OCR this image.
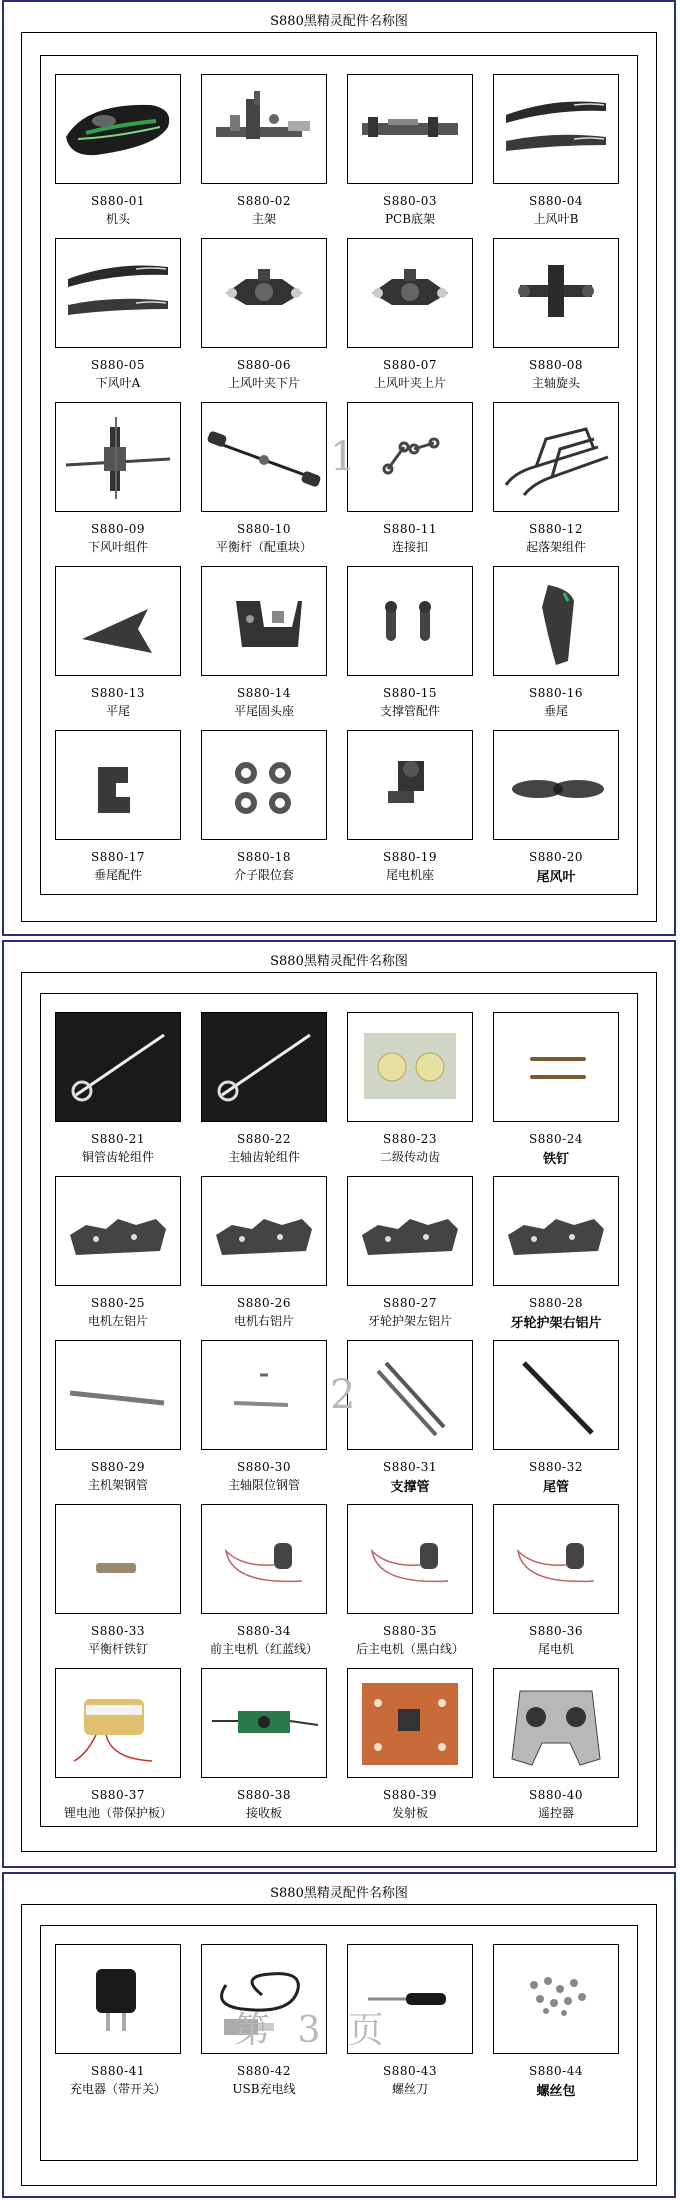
S880黑精灵配件名称图
S880-01
机头
S880-02
主架
S880-03
PCB底架
S880-04
上风叶B
S880-05
下风叶A
S880-06
上风叶夹下片
S880-07
上风叶夹上片
S880-08
主轴旋头
S880-09
下风叶组件
S880-10
平衡杆（配重块）
S880-11
连接扣
S880-12
起落架组件
S880-13
平尾
S880-14
平尾固头座
S880-15
支撑管配件
S880-16
垂尾
S880-17
垂尾配件
S880-18
介子限位套
S880-19
尾电机座
S880-20
尾风叶
1
S880黑精灵配件名称图
S880-21
铜管齿轮组件
S880-22
主轴齿轮组件
S880-23
二级传动齿
S880-24
铁钉
S880-25
电机左铝片
S880-26
电机右铝片
S880-27
牙轮护架左铝片
S880-28
牙轮护架右铝片
S880-29
主机架钢管
S880-30
主轴限位钢管
S880-31
支撑管
S880-32
尾管
S880-33
平衡杆铁钉
S880-34
前主电机（红蓝线）
S880-35
后主电机（黑白线）
S880-36
尾电机
S880-37
锂电池（带保护板）
S880-38
接收板
S880-39
发射板
S880-40
遥控器
2
S880黑精灵配件名称图
S880-41
充电器（带开关）
S880-42
USB充电线
S880-43
螺丝刀
S880-44
螺丝包
第 3 页
